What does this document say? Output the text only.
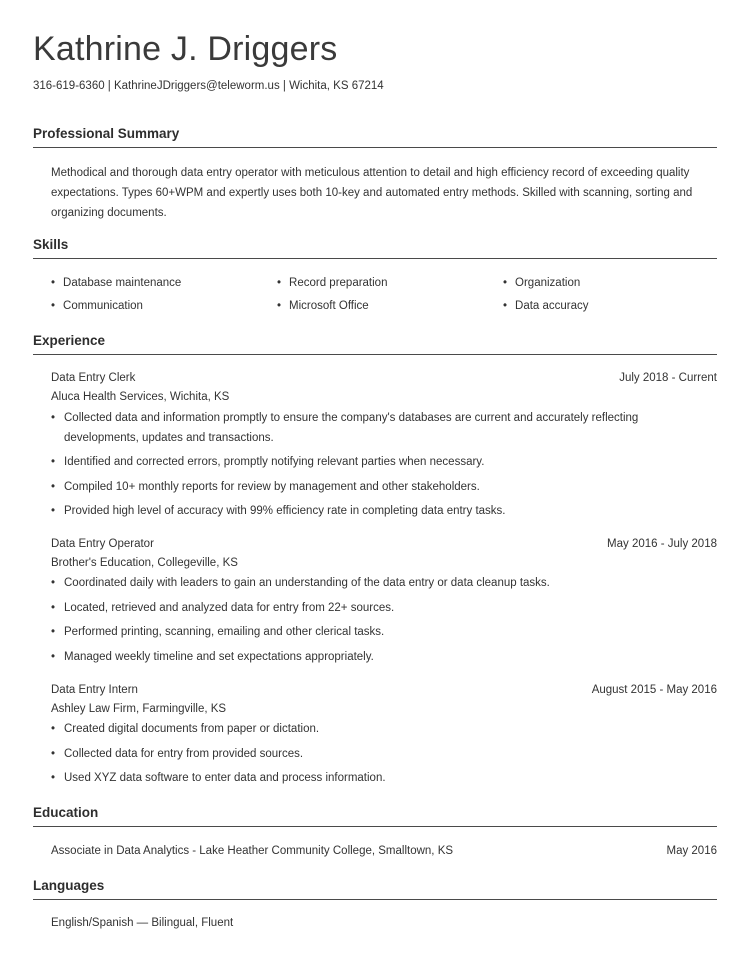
Kathrine J. Driggers
316-619-6360 | KathrineJDriggers@teleworm.us | Wichita, KS 67214
Professional Summary
Methodical and thorough data entry operator with meticulous attention to detail and high efficiency record of exceeding quality expectations. Types 60+WPM and expertly uses both 10-key and automated entry methods. Skilled with scanning, sorting and organizing documents.
Skills
• Database maintenance	• Record preparation	• Organization
• Communication	• Microsoft Office	• Data accuracy
Experience
Data Entry Clerk	July 2018 - Current
Aluca Health Services, Wichita, KS
• Collected data and information promptly to ensure the company's databases are current and accurately reflecting developments, updates and transactions.
• Identified and corrected errors, promptly notifying relevant parties when necessary.
• Compiled 10+ monthly reports for review by management and other stakeholders.
• Provided high level of accuracy with 99% efficiency rate in completing data entry tasks.
Data Entry Operator	May 2016 - July 2018
Brother's Education, Collegeville, KS
• Coordinated daily with leaders to gain an understanding of the data entry or data cleanup tasks.
• Located, retrieved and analyzed data for entry from 22+ sources.
• Performed printing, scanning, emailing and other clerical tasks.
• Managed weekly timeline and set expectations appropriately.
Data Entry Intern	August 2015 - May 2016
Ashley Law Firm, Farmingville, KS
• Created digital documents from paper or dictation.
• Collected data for entry from provided sources.
• Used XYZ data software to enter data and process information.
Education
Associate in Data Analytics - Lake Heather Community College, Smalltown, KS	May 2016
Languages
English/Spanish — Bilingual, Fluent
